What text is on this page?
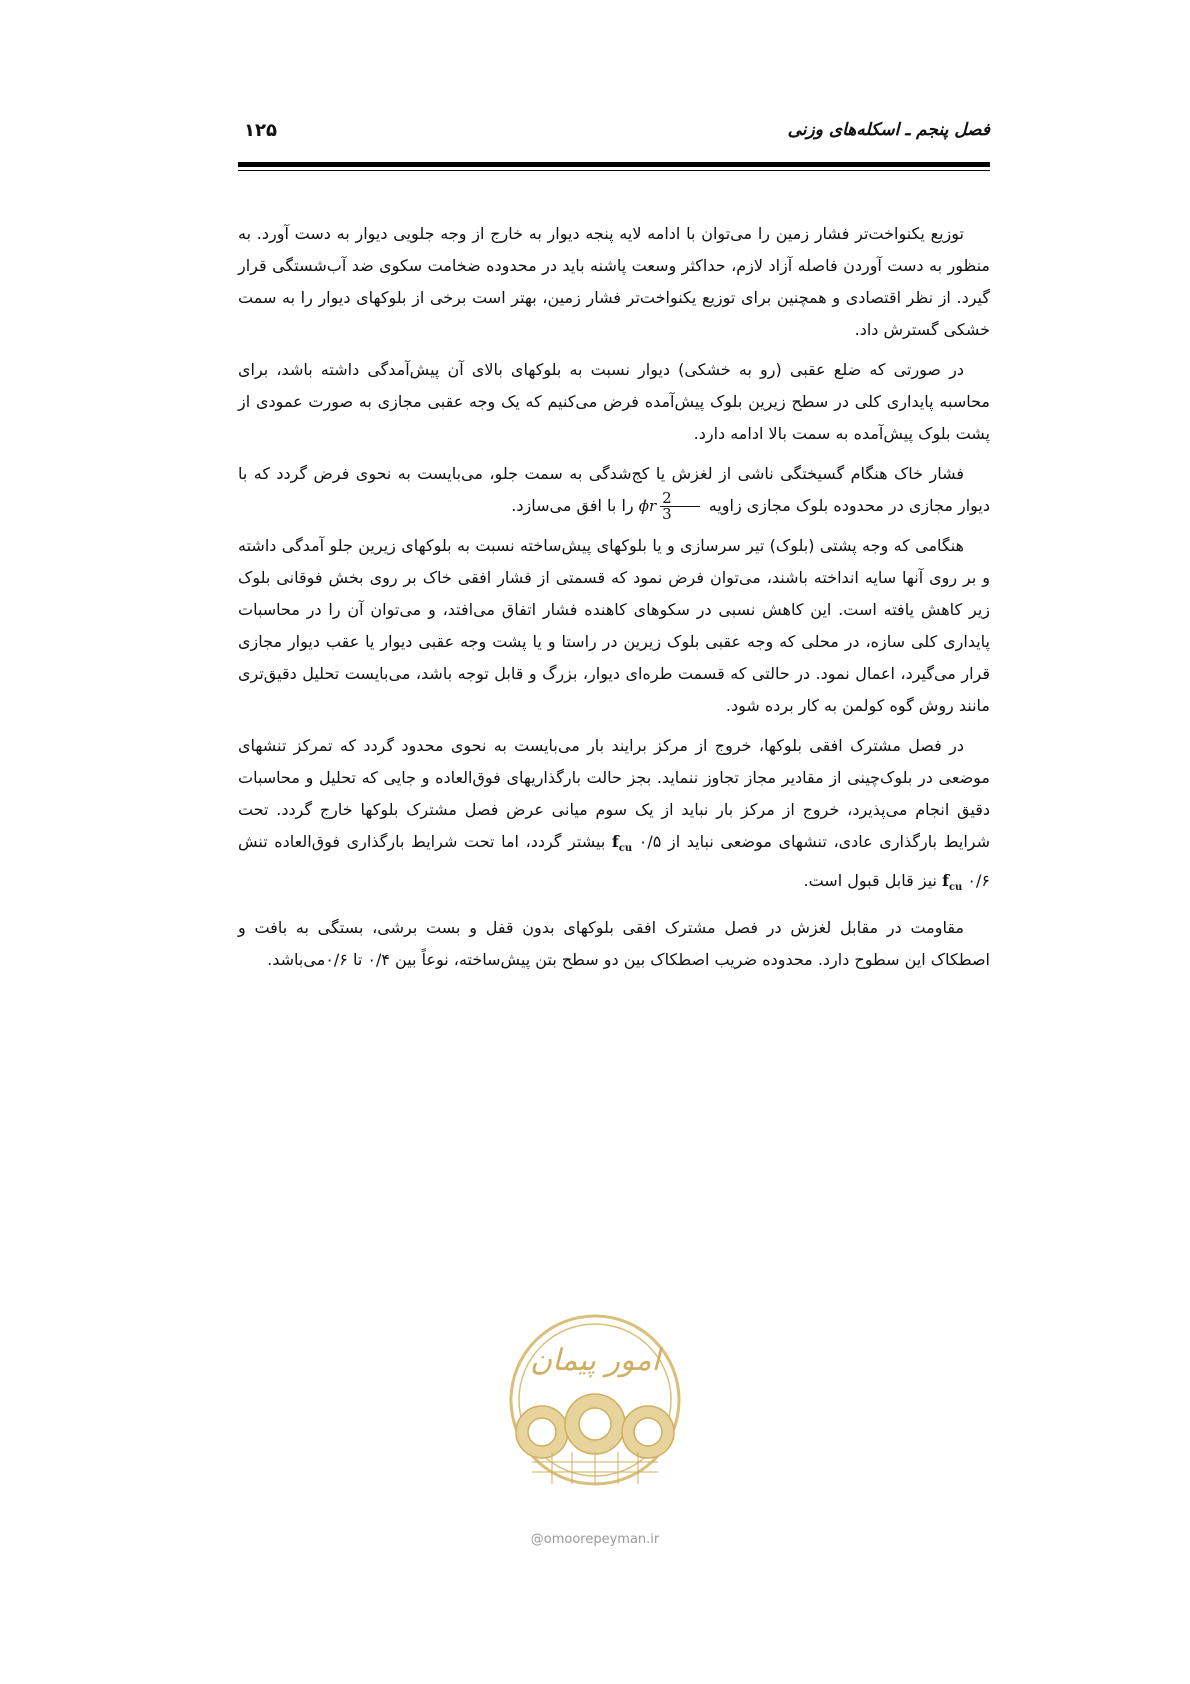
فصل پنجم ـ اسکله‌های وزنی
۱۲۵

توزیع یکنواخت‌تر فشار زمین را می‌توان با ادامه لایه پنجه دیوار به خارج از وجه جلویی دیوار به دست آورد. به منظور به دست آوردن فاصله آزاد لازم، حداکثر وسعت پاشنه باید در محدوده ضخامت سکوی ضد آب‌شستگی قرار گیرد. از نظر اقتصادی و همچنین برای توزیع یکنواخت‌تر فشار زمین، بهتر است برخی از بلوکهای دیوار را به سمت خشکی گسترش داد.

در صورتی که ضلع عقبی (رو به خشکی) دیوار نسبت به بلوکهای بالای آن پیش‌آمدگی داشته باشد، برای محاسبه پایداری کلی در سطح زیرین بلوک پیش‌آمده فرض می‌کنیم که یک وجه عقبی مجازی به صورت عمودی از پشت بلوک پیش‌آمده به سمت بالا ادامه دارد.

فشار خاک هنگام گسیختگی ناشی از لغزش یا کج‌شدگی به سمت جلو، می‌بایست به نحوی فرض گردد که با دیوار مجازی در محدوده بلوک مجازی زاویه
$\frac{2}{3}$
ϕr را با افق می‌سازد.

هنگامی که وجه پشتی (بلوک) تیر سرسازی و یا بلوکهای پیش‌ساخته نسبت به بلوکهای زیرین جلو آمدگی داشته و بر روی آنها سایه انداخته باشند، می‌توان فرض نمود که قسمتی از فشار افقی خاک بر روی بخش فوقانی بلوک زیر کاهش یافته است. این کاهش نسبی در سکوهای کاهنده فشار اتفاق می‌افتد، و می‌توان آن را در محاسبات پایداری کلی سازه، در محلی که وجه عقبی بلوک زیرین در راستا و یا پشت وجه عقبی دیوار یا عقب دیوار مجازی قرار می‌گیرد، اعمال نمود. در حالتی که قسمت طره‌ای دیوار، بزرگ و قابل توجه باشد، می‌بایست تحلیل دقیق‌تری مانند روش گوه کولمن به کار برده شود.

در فصل مشترک افقی بلوکها، خروج از مرکز برایند بار می‌بایست به نحوی محدود گردد که تمرکز تنشهای موضعی در بلوک‌چینی از مقادیر مجاز تجاوز ننماید. بجز حالت بارگذاریهای فوق‌العاده و جایی که تحلیل و محاسبات دقیق انجام می‌پذیرد، خروج از مرکز بار نباید از یک سوم میانی عرض فصل مشترک بلوکها خارج گردد. تحت شرایط بارگذاری عادی، تنشهای موضعی نباید از $f_{cu}$ ۰/۵ بیشتر گردد، اما تحت شرایط بارگذاری فوق‌العاده تنش $f_{cu}$ ۰/۶ نیز قابل قبول است.

مقاومت در مقابل لغزش در فصل مشترک افقی بلوکهای بدون قفل و بست برشی، بستگی به بافت و اصطکاک این سطوح دارد. محدوده ضریب اصطکاک بین دو سطح بتن پیش‌ساخته، نوعاً بین ۰/۴ تا ۰/۶می‌باشد.

امور پیمان
@omoorepeyman.ir
